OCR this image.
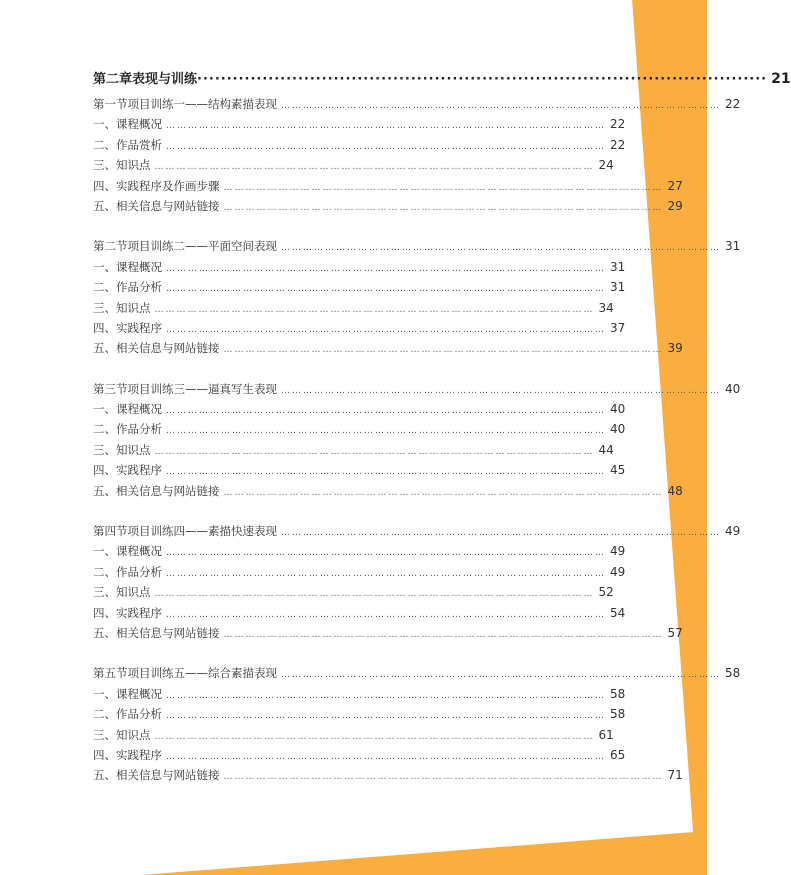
第二章 表现与训练 ································································································ 21
第一节 项目训练一——结构素描表现 ………………………………………………………………………………………………………… 22
一、课程概况 ………………………………………………………………………………………………………… 22
二、作品赏析 ………………………………………………………………………………………………………… 22
三、知识点 ………………………………………………………………………………………………………… 24
四、实践程序及作画步骤 ………………………………………………………………………………………………………… 27
五、相关信息与网站链接 ………………………………………………………………………………………………………… 29
第二节 项目训练二——平面空间表现 ………………………………………………………………………………………………………… 31
一、课程概况 ………………………………………………………………………………………………………… 31
二、作品分析 ………………………………………………………………………………………………………… 31
三、知识点 ………………………………………………………………………………………………………… 34
四、实践程序 ………………………………………………………………………………………………………… 37
五、相关信息与网站链接 ………………………………………………………………………………………………………… 39
第三节 项目训练三——逼真写生表现 ………………………………………………………………………………………………………… 40
一、课程概况 ………………………………………………………………………………………………………… 40
二、作品分析 ………………………………………………………………………………………………………… 40
三、知识点 ………………………………………………………………………………………………………… 44
四、实践程序 ………………………………………………………………………………………………………… 45
五、相关信息与网站链接 ………………………………………………………………………………………………………… 48
第四节 项目训练四——素描快速表现 ………………………………………………………………………………………………………… 49
一、课程概况 ………………………………………………………………………………………………………… 49
二、作品分析 ………………………………………………………………………………………………………… 49
三、知识点 ………………………………………………………………………………………………………… 52
四、实践程序 ………………………………………………………………………………………………………… 54
五、相关信息与网站链接 ………………………………………………………………………………………………………… 57
第五节 项目训练五——综合素描表现 ………………………………………………………………………………………………………… 58
一、课程概况 ………………………………………………………………………………………………………… 58
二、作品分析 ………………………………………………………………………………………………………… 58
三、知识点 ………………………………………………………………………………………………………… 61
四、实践程序 ………………………………………………………………………………………………………… 65
五、相关信息与网站链接 ………………………………………………………………………………………………………… 71
